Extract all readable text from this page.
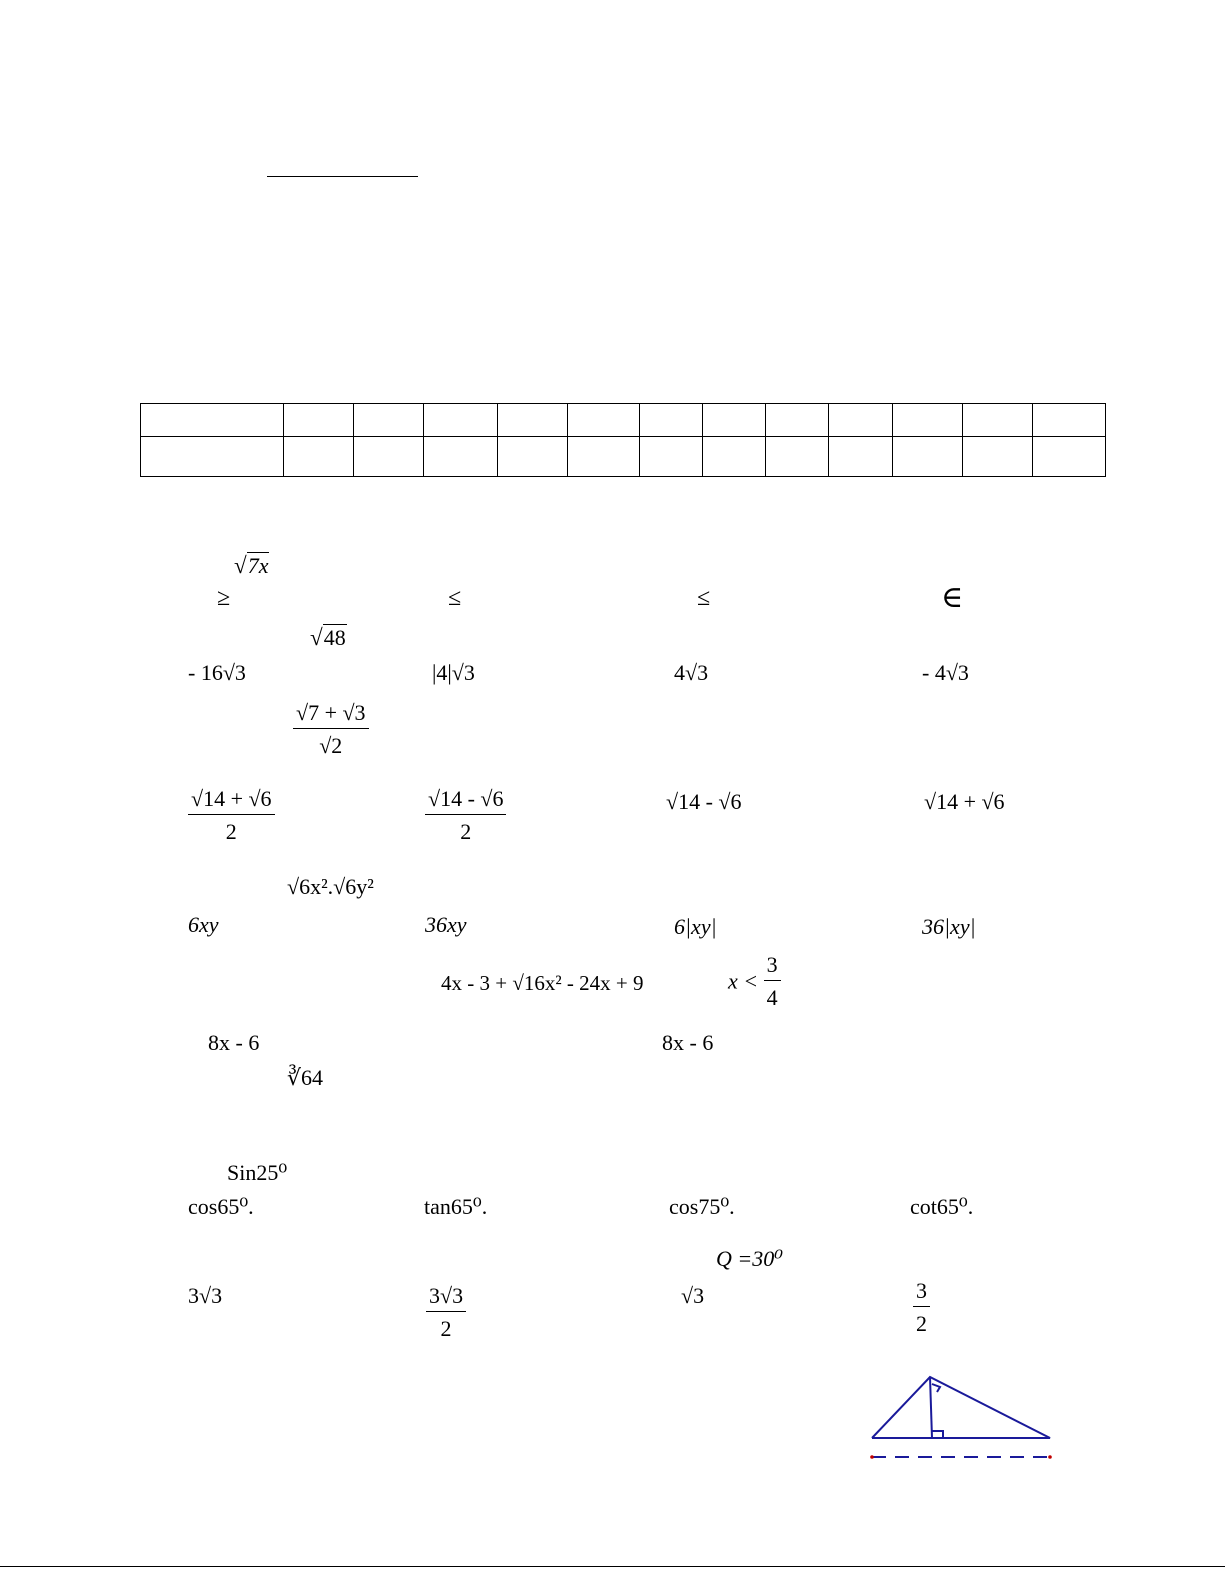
√7x
≥	≤	≤	∈
√48
- 16√3	|4|√3	4√3	- 4√3
$\frac{√7 + √3}{√2}$
$\frac{√14 + √6}{2}$	$\frac{√14 - √6}{2}$	√14 - √6	√14 + √6
√6x².√6y²
6xy	36xy	6|xy|	36|xy|
4x - 3 + √16x² - 24x + 9	$x < \frac{3}{4}$
8x - 6	8x - 6
∛64
Sin25⁰
cos65⁰.	tan65⁰.	cos75⁰.	cot65⁰.
Q =30⁰
3√3	$\frac{3√3}{2}$	√3	$\frac{3}{2}$
